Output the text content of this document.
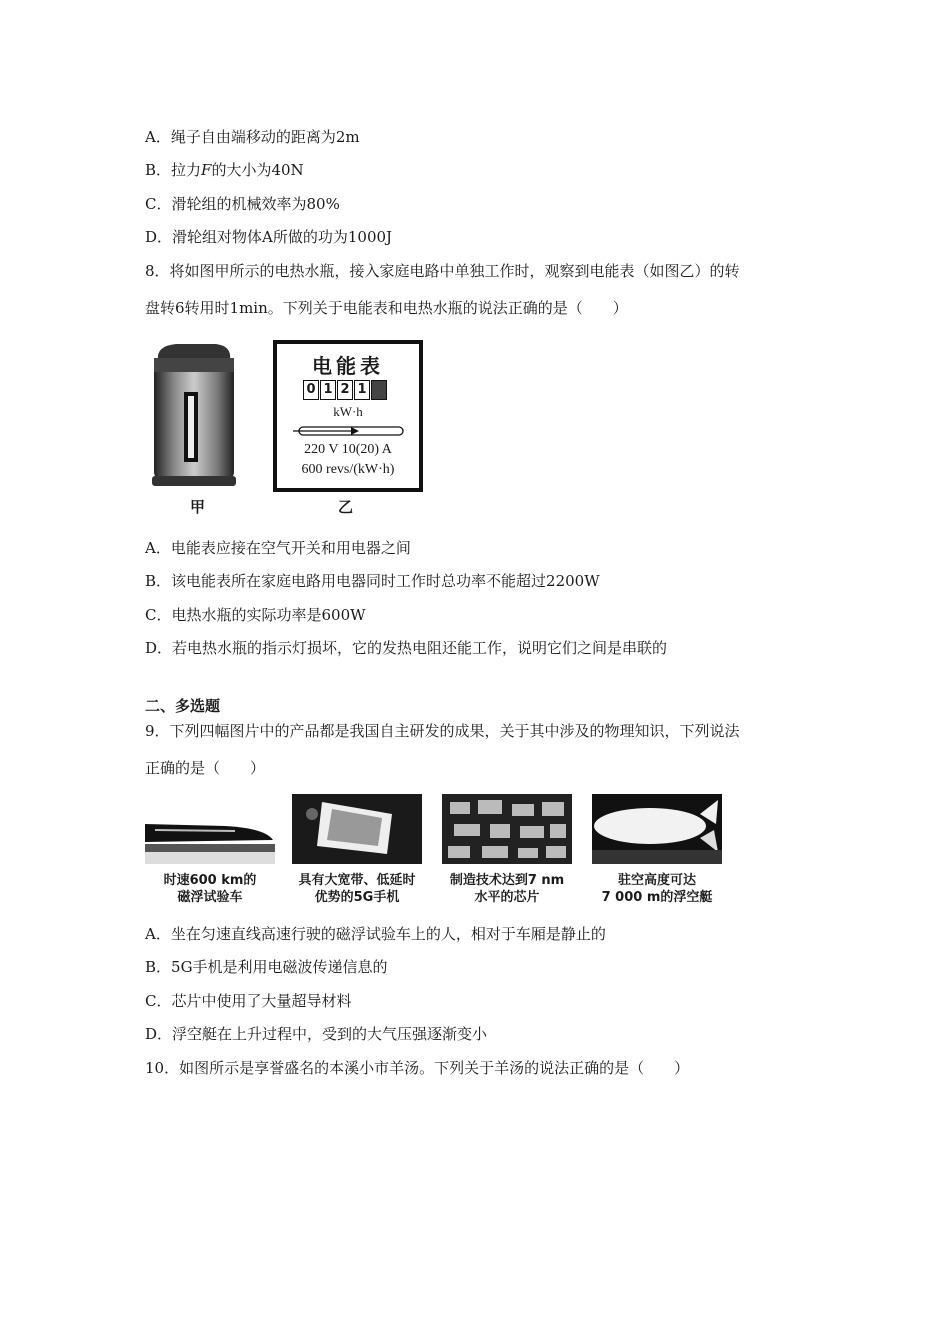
A．绳子自由端移动的距离为2m
B．拉力F的大小为40N
C．滑轮组的机械效率为80%
D．滑轮组对物体A所做的功为1000J
8．将如图甲所示的电热水瓶，接入家庭电路中单独工作时，观察到电能表（如图乙）的转
盘转6转用时1min。下列关于电能表和电热水瓶的说法正确的是（　　）
甲
电能表
0 1 2 1 8
kW·h
220 V 10(20) A
600 revs/(kW·h)
乙
A．电能表应接在空气开关和用电器之间
B．该电能表所在家庭电路用电器同时工作时总功率不能超过2200W
C．电热水瓶的实际功率是600W
D．若电热水瓶的指示灯损坏，它的发热电阻还能工作，说明它们之间是串联的
二、多选题
9．下列四幅图片中的产品都是我国自主研发的成果，关于其中涉及的物理知识，下列说法
正确的是（　　）
时速600 km的
磁浮试验车
具有大宽带、低延时
优势的5G手机
制造技术达到7 nm
水平的芯片
驻空高度可达
7 000 m的浮空艇
A．坐在匀速直线高速行驶的磁浮试验车上的人，相对于车厢是静止的
B．5G手机是利用电磁波传递信息的
C．芯片中使用了大量超导材料
D．浮空艇在上升过程中，受到的大气压强逐渐变小
10．如图所示是享誉盛名的本溪小市羊汤。下列关于羊汤的说法正确的是（　　）
